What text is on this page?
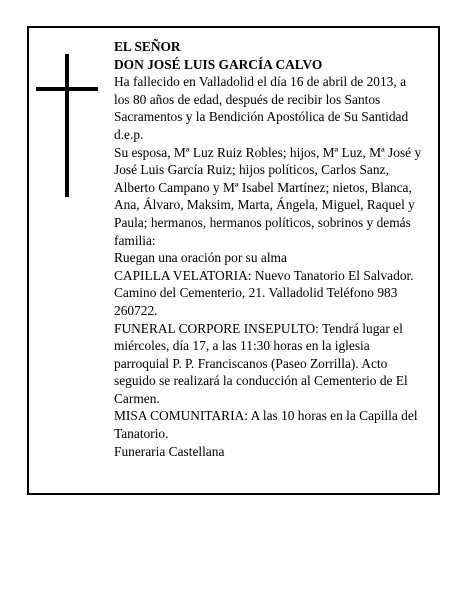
EL SEÑOR

DON JOSÉ LUIS GARCÍA CALVO

Ha fallecido en Valladolid el día 16 de abril de 2013, a los 80 años de edad, después de recibir los Santos Sacramentos y la Bendición Apostólica de Su Santidad d.e.p.

Su esposa, Mª Luz Ruiz Robles; hijos, Mª Luz, Mª José y José Luis García Ruiz; hijos políticos, Carlos Sanz, Alberto Campano y Mª Isabel Martínez; nietos, Blanca, Ana, Álvaro, Maksim, Marta, Ángela, Miguel, Raquel y Paula; hermanos, hermanos políticos, sobrinos y demás familia:

Ruegan una oración por su alma

CAPILLA VELATORIA: Nuevo Tanatorio El Salvador. Camino del Cementerio, 21. Valladolid Teléfono 983 260722.

FUNERAL CORPORE INSEPULTO: Tendrá lugar el miércoles, día 17, a las 11:30 horas en la iglesia parroquial P. P. Franciscanos (Paseo Zorrilla). Acto seguido se realizará la conducción al Cementerio de El Carmen.

MISA COMUNITARIA: A las 10 horas en la Capilla del Tanatorio.

Funeraria Castellana
